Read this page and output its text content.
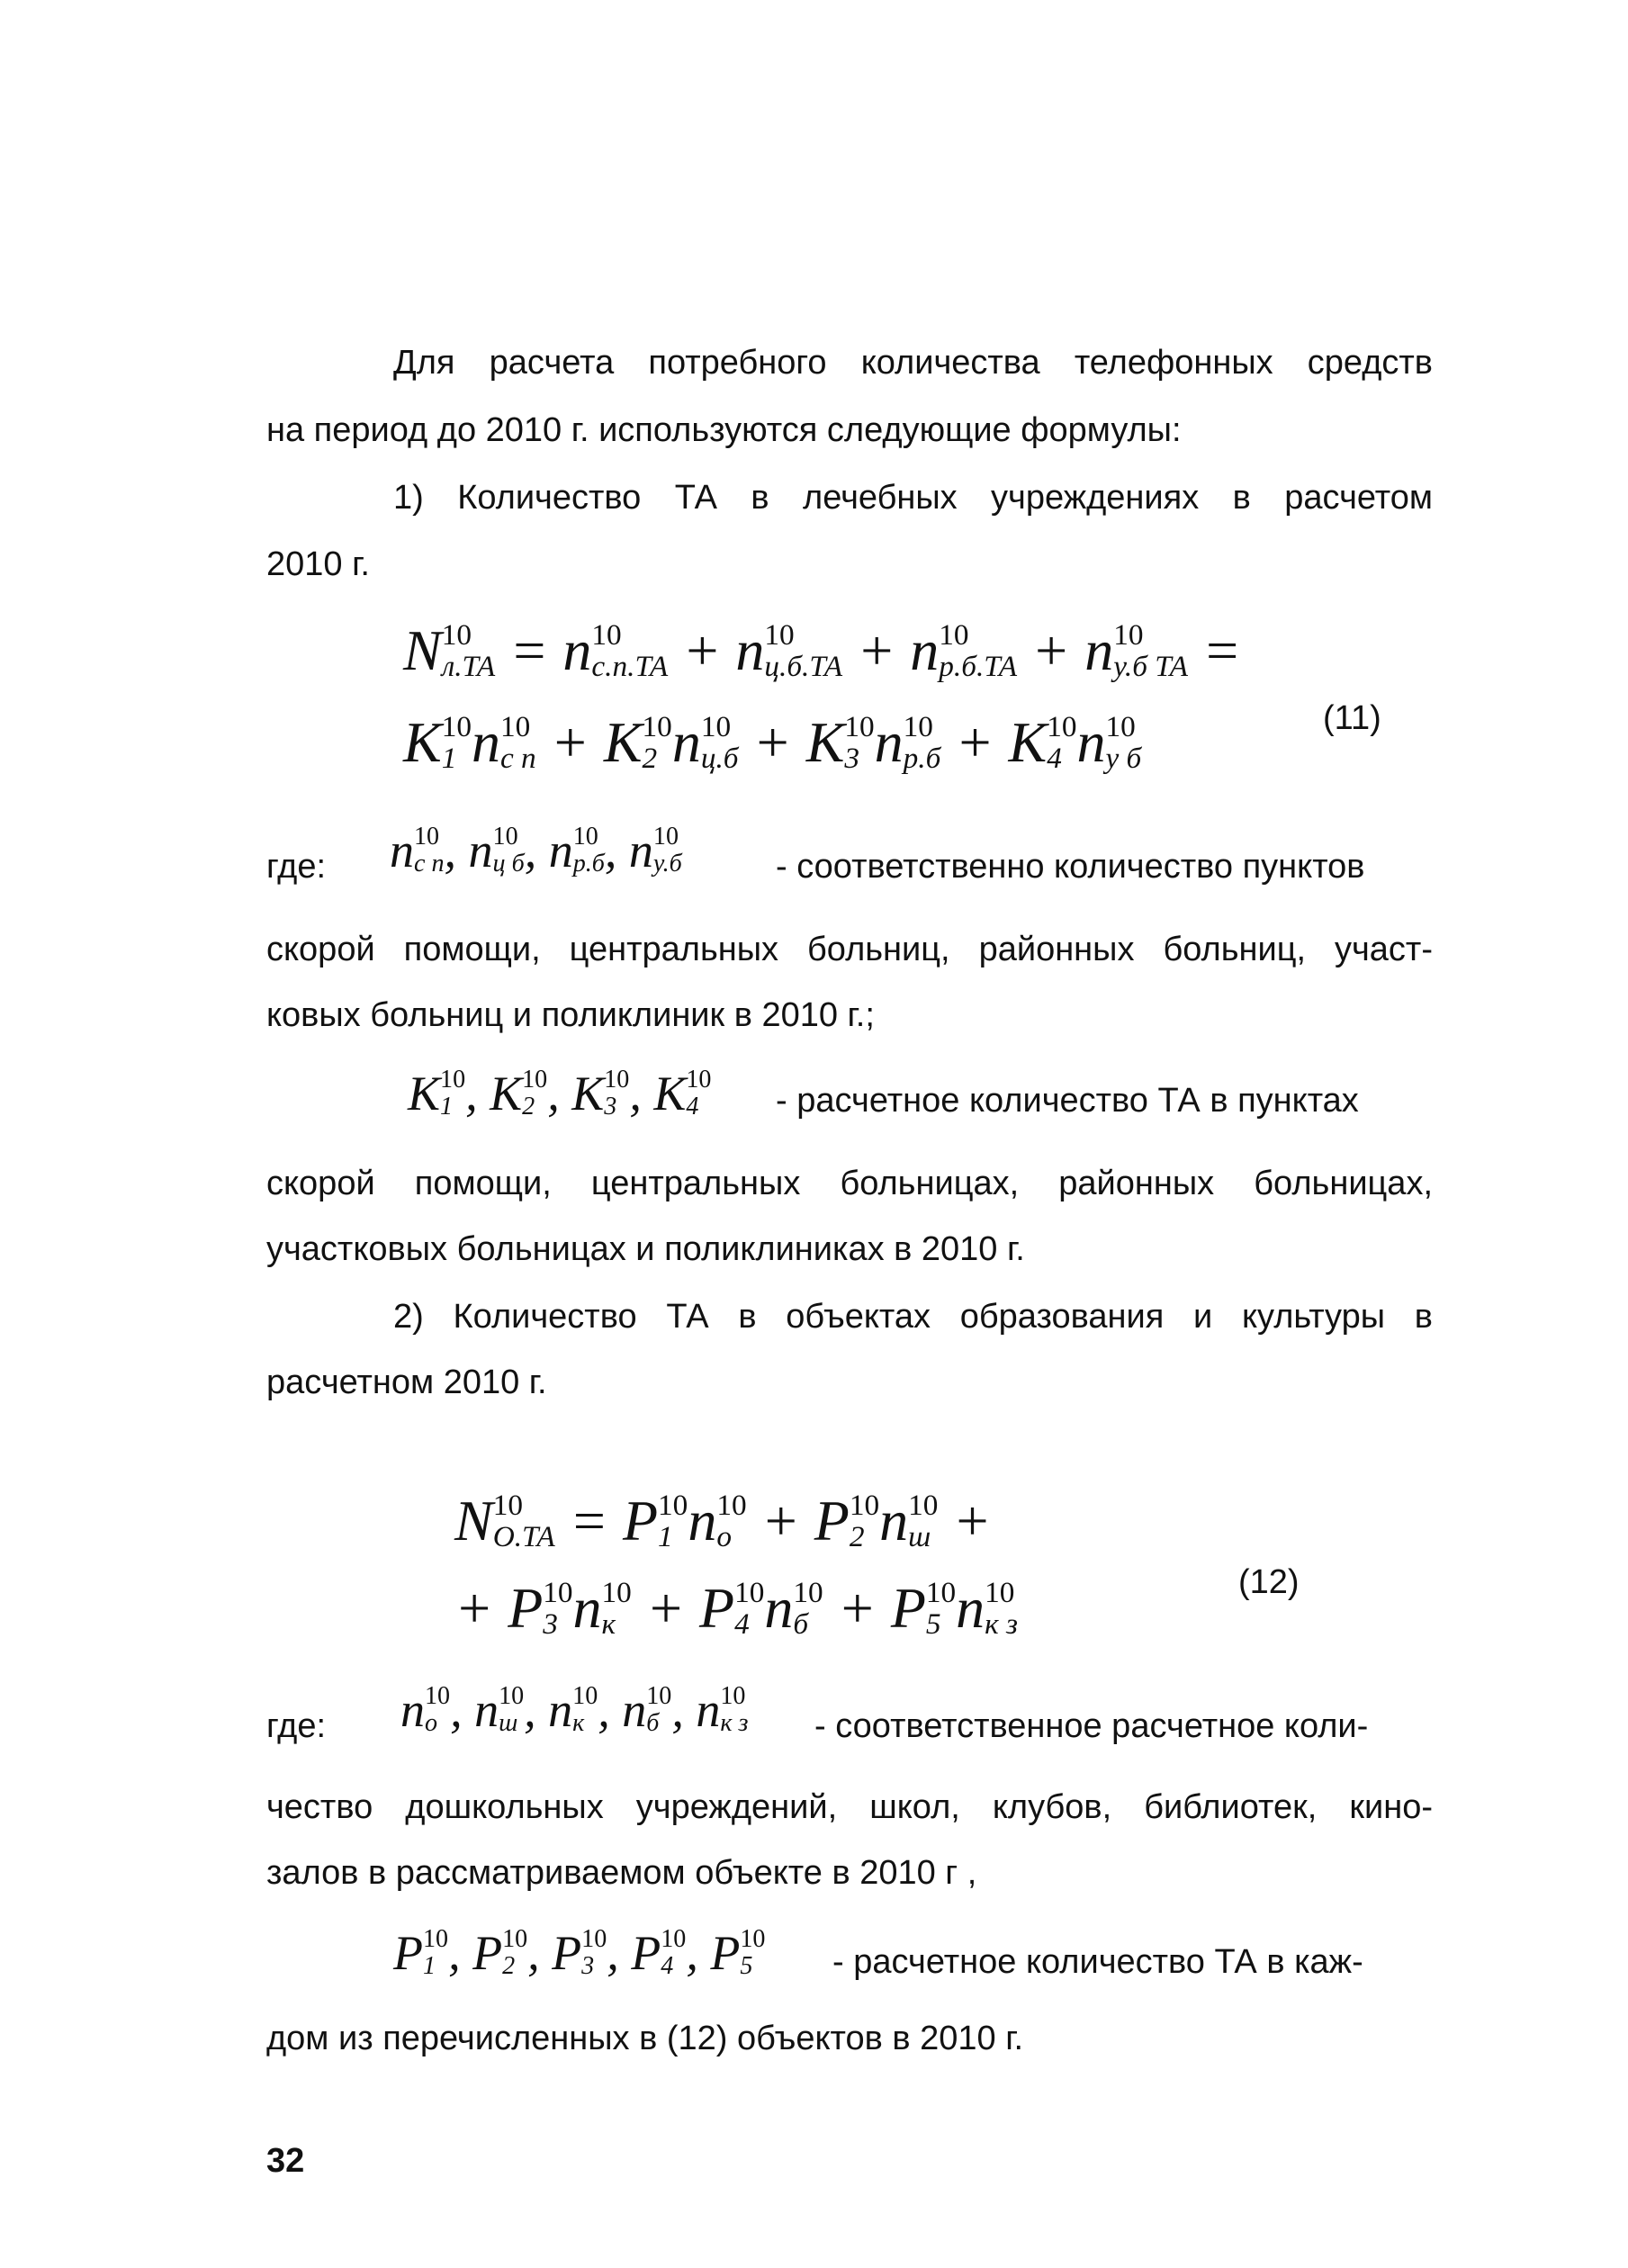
Для расчета потребного количества телефонных средств
на период до 2010 г. используются следующие формулы:
1) Количество ТА в лечебных учреждениях в расчетом
2010 г.
N 10
л.ТА = n 10
с.п.ТА + n 10
ц.б.ТА + n 10
р.б.ТА + n 10
у.б ТА =
K 10
1 n 10
с п + K 10
2 n 10
ц.б + K 10
3 n 10
р.б + K 10
4 n 10
у б
(11)
где: n 10
с п , n 10
ц б , n 10
р.б , n 10
у.б	- соответственно количество пунктов
скорой помощи, центральных больниц, районных больниц, участ-
ковых больниц и поликлиник в 2010 г.;
K 10
1 , K 10
2 , K 10
3 , K 10
4	- расчетное количество ТА в пунктах
скорой помощи, центральных больницах, районных больницах,
участковых больницах и поликлиниках в 2010 г.
2) Количество ТА в объектах образования и культуры в
расчетном 2010 г.
N 10
О.ТА = P 10
1 n 10
о + P 10
2 n 10
ш +
+ P 10
3 n 10
к + P 10
4 n 10
б + P 10
5 n 10
к з
(12)
где: n 10
о , n 10
ш , n 10
к , n 10
б , n 10
к з - соответственное расчетное коли-
чество дошкольных учреждений, школ, клубов, библиотек, кино-
залов в рассматриваемом объекте в 2010 г ,
P 10
1 , P 10
2 , P 10
3 , P 10
4 , P 10
5	- расчетное количество ТА в каж-
дом из перечисленных в (12) объектов в 2010 г.
32
